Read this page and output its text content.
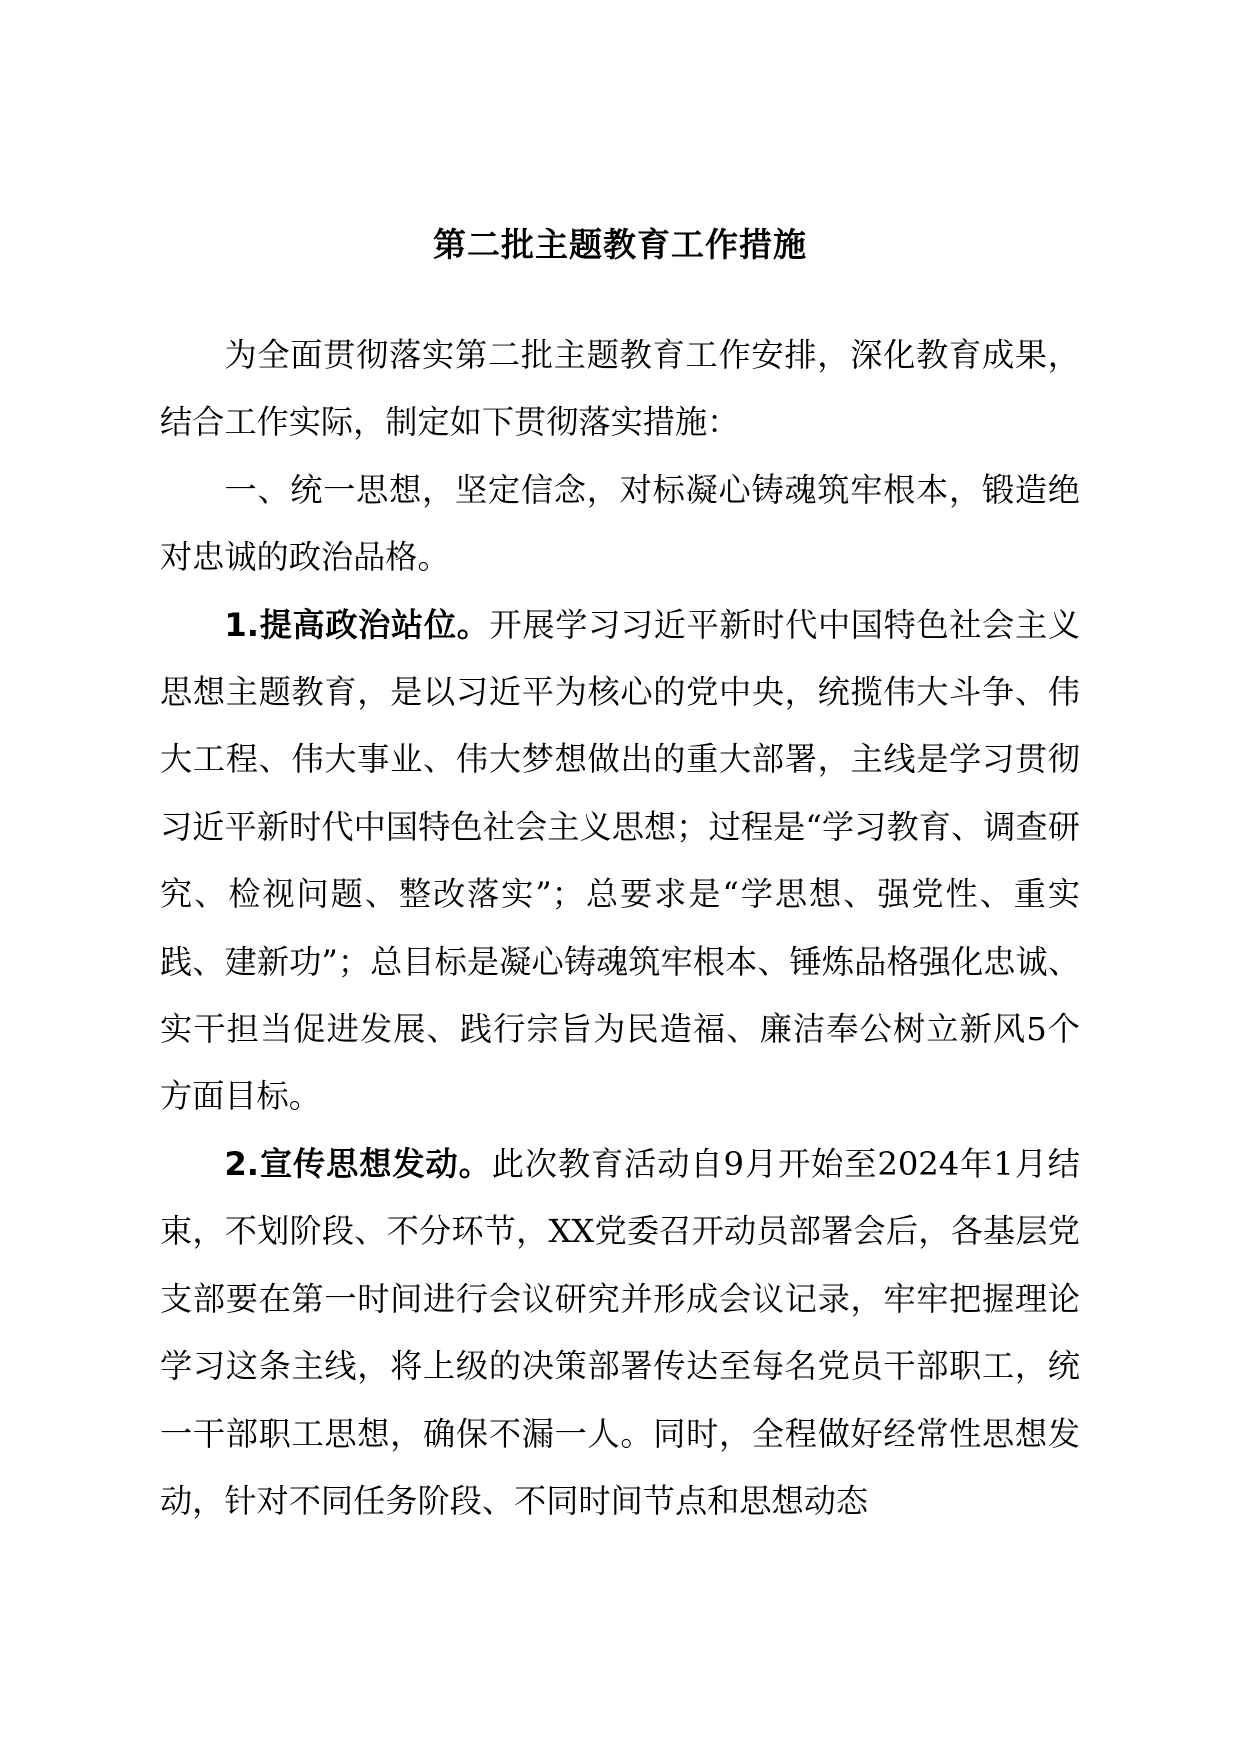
第二批主题教育工作措施

为全面贯彻落实第二批主题教育工作安排，深化教育成果，结合工作实际，制定如下贯彻落实措施：

一、统一思想，坚定信念，对标凝心铸魂筑牢根本，锻造绝对忠诚的政治品格。

1.提高政治站位。开展学习习近平新时代中国特色社会主义思想主题教育，是以习近平为核心的党中央，统揽伟大斗争、伟大工程、伟大事业、伟大梦想做出的重大部署，主线是学习贯彻习近平新时代中国特色社会主义思想；过程是“学习教育、调查研究、检视问题、整改落实”；总要求是“学思想、强党性、重实践、建新功”；总目标是凝心铸魂筑牢根本、锤炼品格强化忠诚、实干担当促进发展、践行宗旨为民造福、廉洁奉公树立新风5个方面目标。

2.宣传思想发动。此次教育活动自9月开始至2024年1月结束，不划阶段、不分环节，XX党委召开动员部署会后，各基层党支部要在第一时间进行会议研究并形成会议记录，牢牢把握理论学习这条主线，将上级的决策部署传达至每名党员干部职工，统一干部职工思想，确保不漏一人。同时，全程做好经常性思想发动，针对不同任务阶段、不同时间节点和思想动态
